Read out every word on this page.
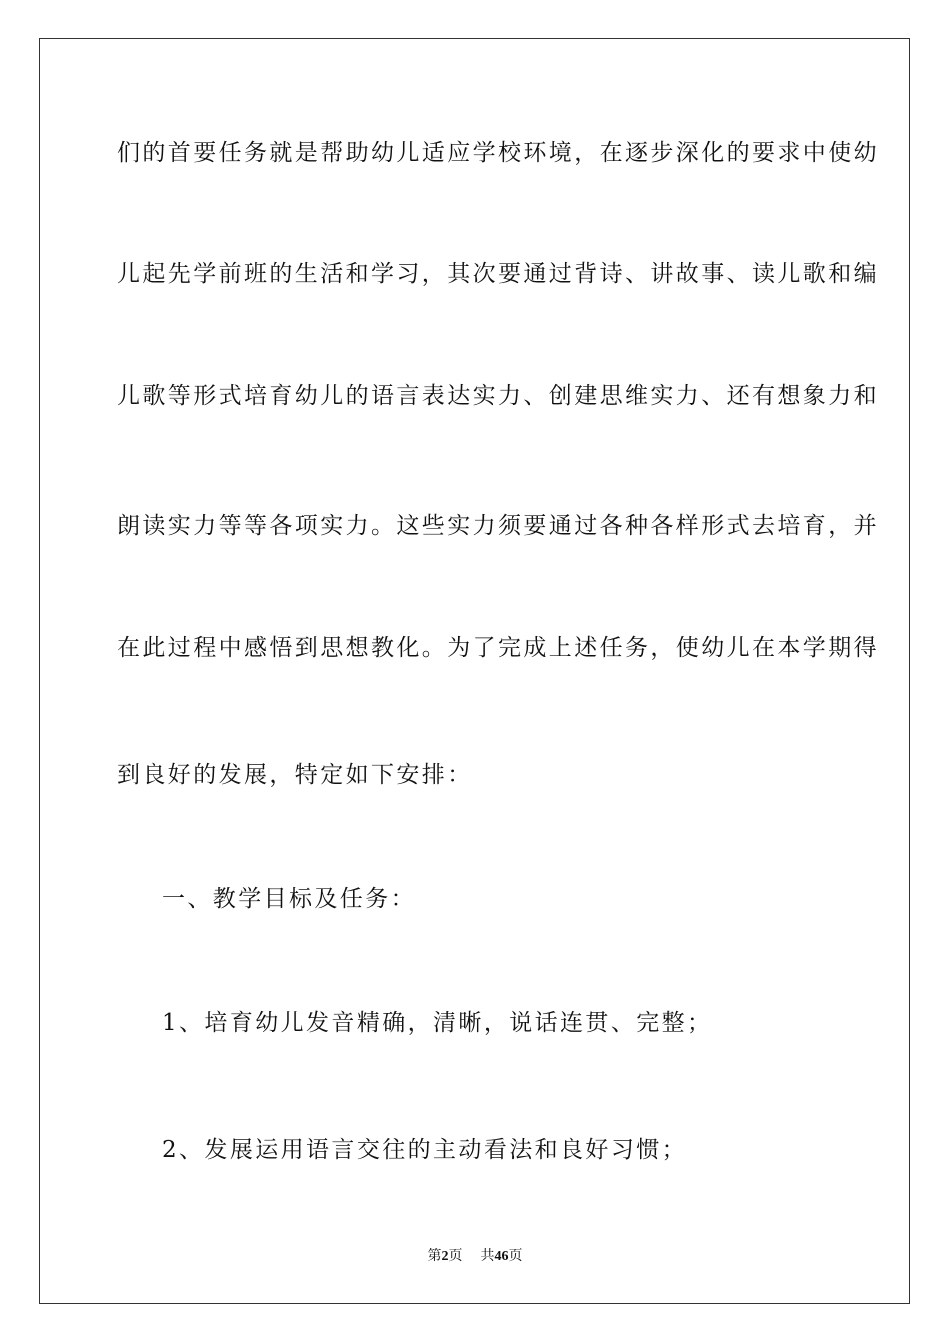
们的首要任务就是帮助幼儿适应学校环境，在逐步深化的要求中使幼
儿起先学前班的生活和学习，其次要通过背诗、讲故事、读儿歌和编
儿歌等形式培育幼儿的语言表达实力、创建思维实力、还有想象力和
朗读实力等等各项实力。这些实力须要通过各种各样形式去培育，并
在此过程中感悟到思想教化。为了完成上述任务，使幼儿在本学期得
到良好的发展，特定如下安排：
一、教学目标及任务：
1、培育幼儿发音精确，清晰，说话连贯、完整；
2、发展运用语言交往的主动看法和良好习惯；
第2页 共46页
